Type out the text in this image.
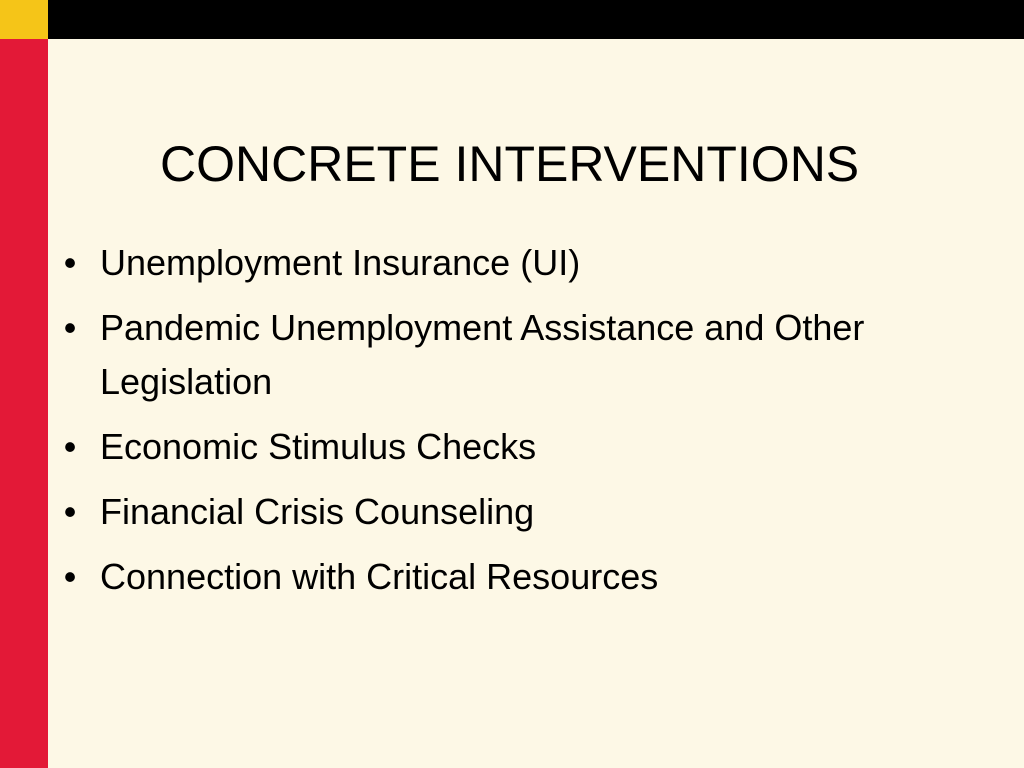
CONCRETE INTERVENTIONS
• Unemployment Insurance (UI)
• Pandemic Unemployment Assistance and Other Legislation
• Economic Stimulus Checks
• Financial Crisis Counseling
• Connection with Critical Resources
